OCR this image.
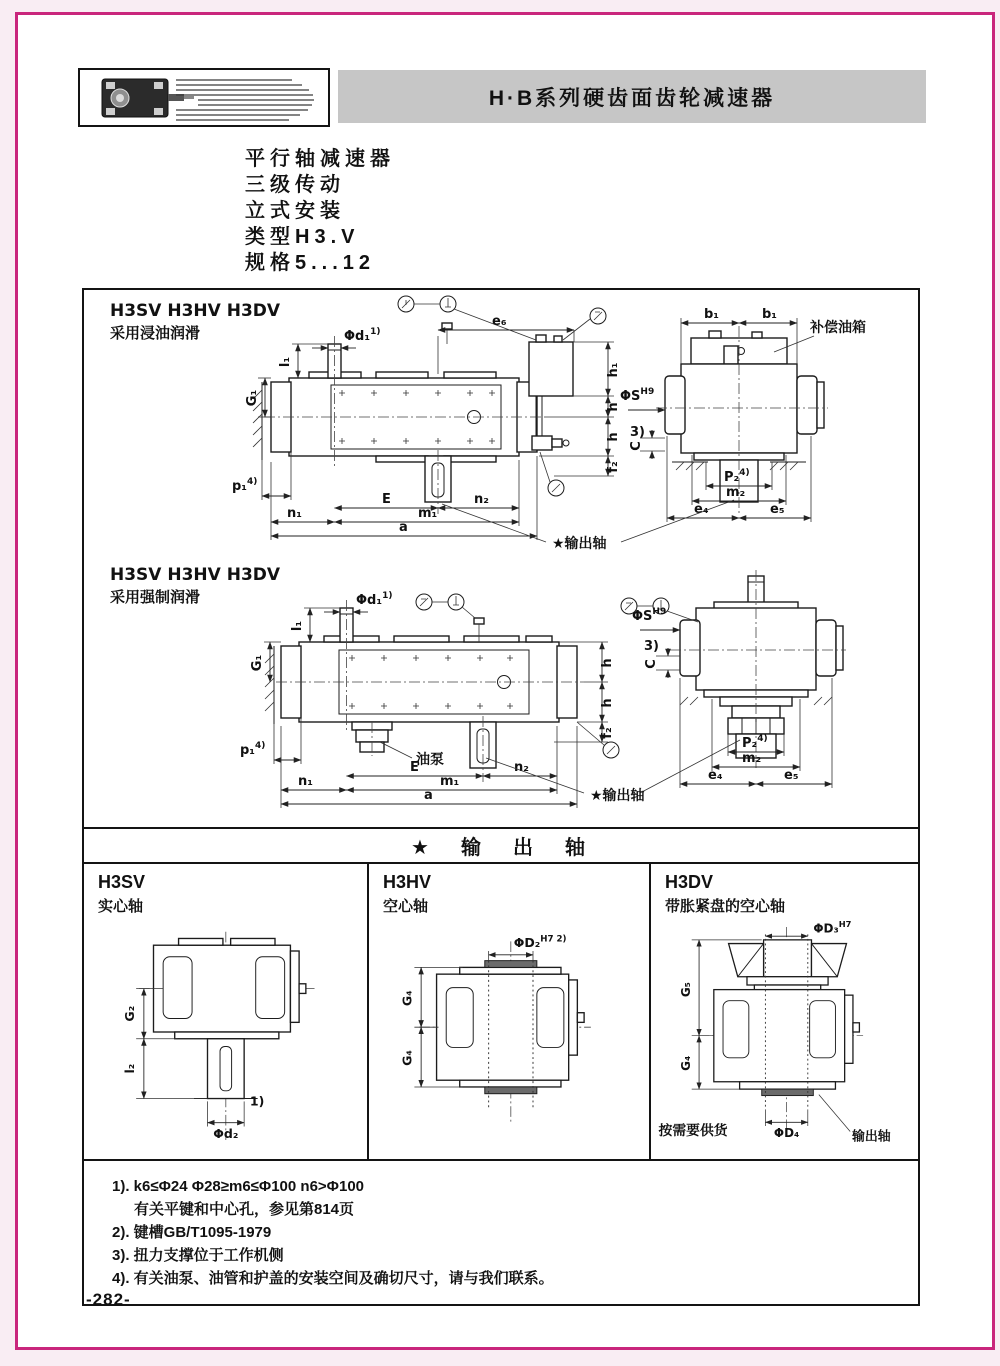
H·B系列硬齿面齿轮减速器
平行轴减速器
三级传动
立式安装
类型H3.V
规格5...12
H3SV H3HV H3DV
采用浸油润滑	Φd₁$^{1)}$
l₁
G₁
e₆
h₁
h
h
f₂
p₁$^{4)}$
E	n₂
n₁	m₁
a
b₁	b₁
补偿油箱
$\Phi S^{H9}$
3)
C
P₂$^{4)}$
m₂
e₄	e₅
★输出轴
H3SV H3HV H3DV
采用强制润滑
油泵
Φd₁$^{1)}$
l₁
G₁	h
h
f₂
p₁$^{4)}$
E	n₂
n₁	m₁
a
$\Phi S^{H9}$
3)
C
P₂$^{4)}$
m₂
e₄	e₅
★输出轴
★　输　出　轴
H3SV
实心轴
G₂
l₂
1)
Φd₂
H3HV
空心轴
ΦD₂$^{H7 2)}$
G₄
G₄
H3DV
带胀紧盘的空心轴
ΦD₃$^{H7}$
G₅
G₄
ΦD₄
按需要供货	输出轴
1). k6≤Φ24 Φ28≥m6≤Φ100 n6>Φ100
有关平键和中心孔，参见第814页
2). 键槽GB/T1095-1979
3). 扭力支撑位于工作机侧
4). 有关油泵、油管和护盖的安装空间及确切尺寸，请与我们联系。
-282-
